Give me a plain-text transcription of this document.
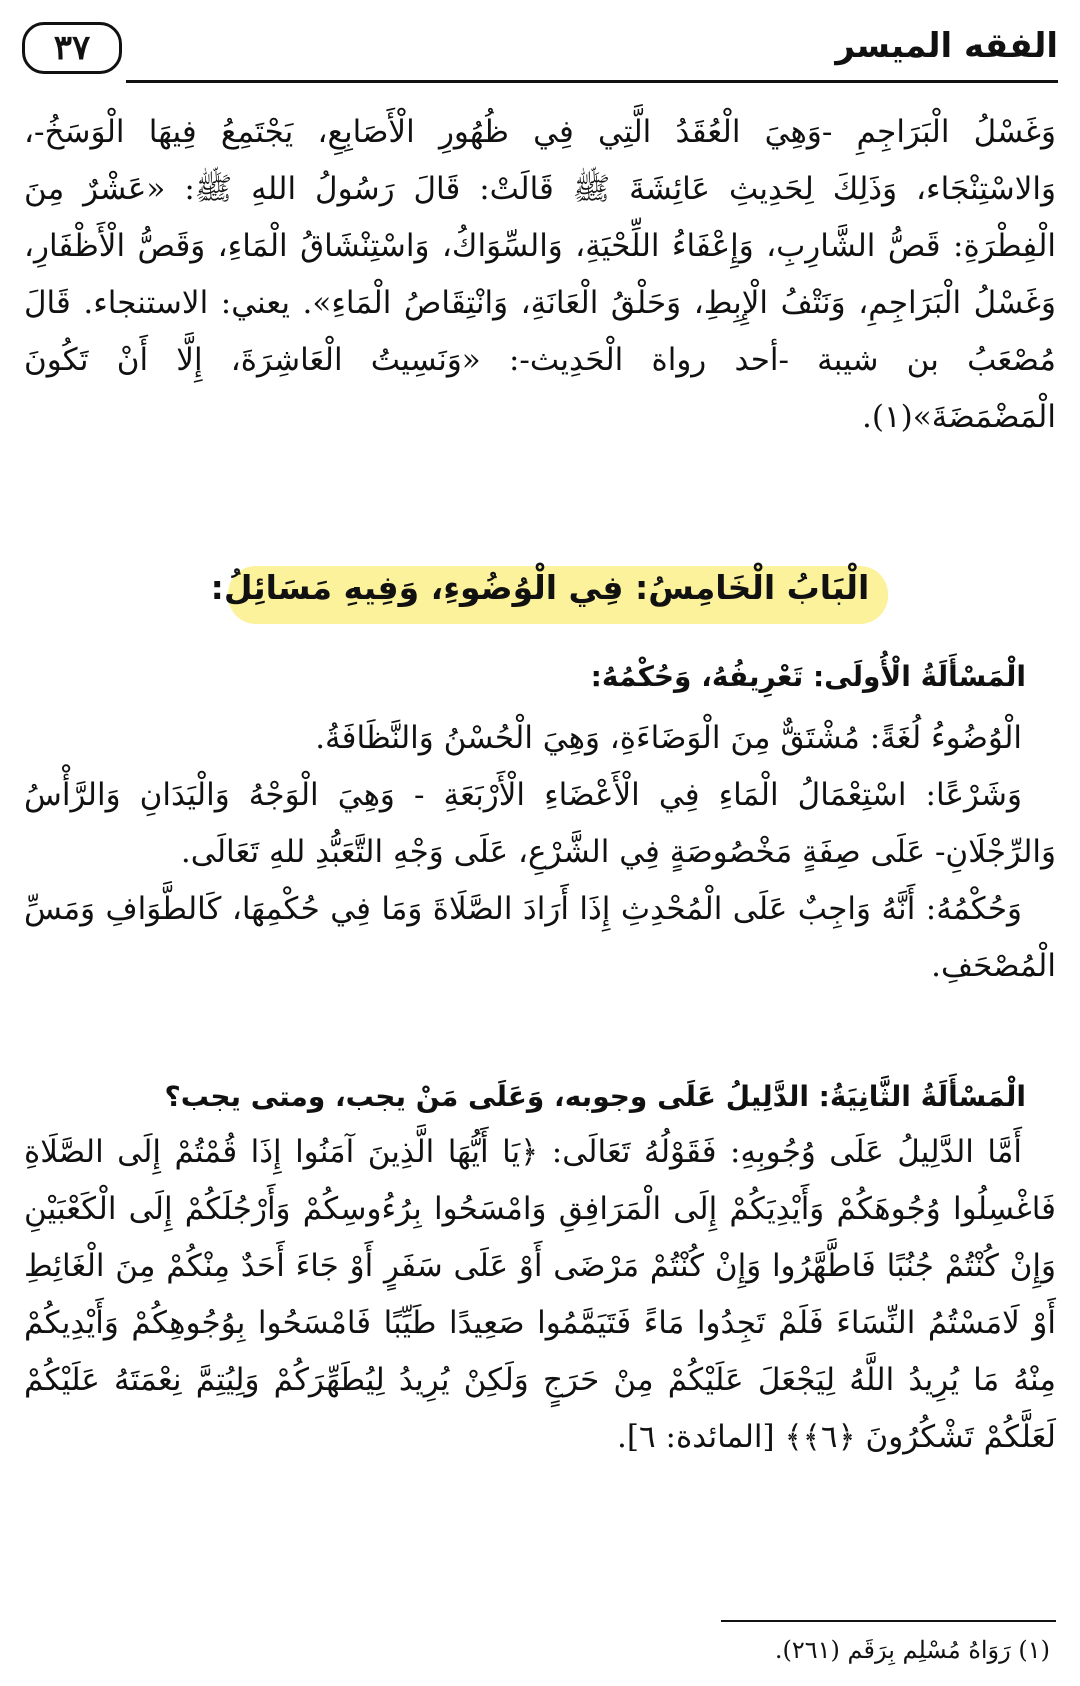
٣٧	الفقه الميسر
وَغَسْلُ الْبَرَاجِمِ -وَهِيَ الْعُقَدُ الَّتِي فِي ظُهُورِ الْأَصَابِعِ، يَجْتَمِعُ فِيهَا الْوَسَخُ-، وَالاسْتِنْجَاء، وَذَلِكَ لِحَدِيثِ عَائِشَةَ ﷺ قَالَتْ: قَالَ رَسُولُ اللهِ ﷺ: «عَشْرٌ مِنَ الْفِطْرَةِ: قَصُّ الشَّارِبِ، وَإِعْفَاءُ اللِّحْيَةِ، وَالسِّوَاكُ، وَاسْتِنْشَاقُ الْمَاءِ، وَقَصُّ الْأَظْفَارِ، وَغَسْلُ الْبَرَاجِمِ، وَنَتْفُ الْإِبِطِ، وَحَلْقُ الْعَانَةِ، وَانْتِقَاصُ الْمَاءِ». يعني: الاستنجاء. قَالَ مُصْعَبُ بن شيبة -أحد رواة الْحَدِيث-: «وَنَسِيتُ الْعَاشِرَةَ، إِلَّا أَنْ تَكُونَ الْمَضْمَضَةَ»(١).
الْبَابُ الْخَامِسُ: فِي الْوُضُوءِ، وَفِيهِ مَسَائِلُ:
الْمَسْأَلَةُ الْأُولَى: تَعْرِيفُهُ، وَحُكْمُهُ:
الْوُضُوءُ لُغَةً: مُشْتَقٌّ مِنَ الْوَضَاءَةِ، وَهِيَ الْحُسْنُ وَالنَّظَافَةُ.
وَشَرْعًا: اسْتِعْمَالُ الْمَاءِ فِي الْأَعْضَاءِ الْأَرْبَعَةِ - وَهِيَ الْوَجْهُ وَالْيَدَانِ وَالرَّأْسُ وَالرِّجْلَانِ- عَلَى صِفَةٍ مَخْصُوصَةٍ فِي الشَّرْعِ، عَلَى وَجْهِ التَّعَبُّدِ للهِ تَعَالَى.
وَحُكْمُهُ: أَنَّهُ وَاجِبٌ عَلَى الْمُحْدِثِ إِذَا أَرَادَ الصَّلَاةَ وَمَا فِي حُكْمِهَا، كَالطَّوَافِ وَمَسِّ الْمُصْحَفِ.
الْمَسْأَلَةُ الثَّانِيَةُ: الدَّلِيلُ عَلَى وجوبه، وَعَلَى مَنْ يجب، ومتى يجب؟
أَمَّا الدَّلِيلُ عَلَى وُجُوبِهِ: فَقَوْلُهُ تَعَالَى: ﴿يَا أَيُّهَا الَّذِينَ آمَنُوا إِذَا قُمْتُمْ إِلَى الصَّلَاةِ فَاغْسِلُوا وُجُوهَكُمْ وَأَيْدِيَكُمْ إِلَى الْمَرَافِقِ وَامْسَحُوا بِرُءُوسِكُمْ وَأَرْجُلَكُمْ إِلَى الْكَعْبَيْنِ وَإِنْ كُنْتُمْ جُنُبًا فَاطَّهَّرُوا وَإِنْ كُنْتُمْ مَرْضَى أَوْ عَلَى سَفَرٍ أَوْ جَاءَ أَحَدٌ مِنْكُمْ مِنَ الْغَائِطِ أَوْ لَامَسْتُمُ النِّسَاءَ فَلَمْ تَجِدُوا مَاءً فَتَيَمَّمُوا صَعِيدًا طَيِّبًا فَامْسَحُوا بِوُجُوهِكُمْ وَأَيْدِيكُمْ مِنْهُ مَا يُرِيدُ اللَّهُ لِيَجْعَلَ عَلَيْكُمْ مِنْ حَرَجٍ وَلَكِنْ يُرِيدُ لِيُطَهِّرَكُمْ وَلِيُتِمَّ نِعْمَتَهُ عَلَيْكُمْ لَعَلَّكُمْ تَشْكُرُونَ ﴿٦﴾﴾ [المائدة: ٦].
(١) رَوَاهُ مُسْلِم بِرَقَم (٢٦١).
